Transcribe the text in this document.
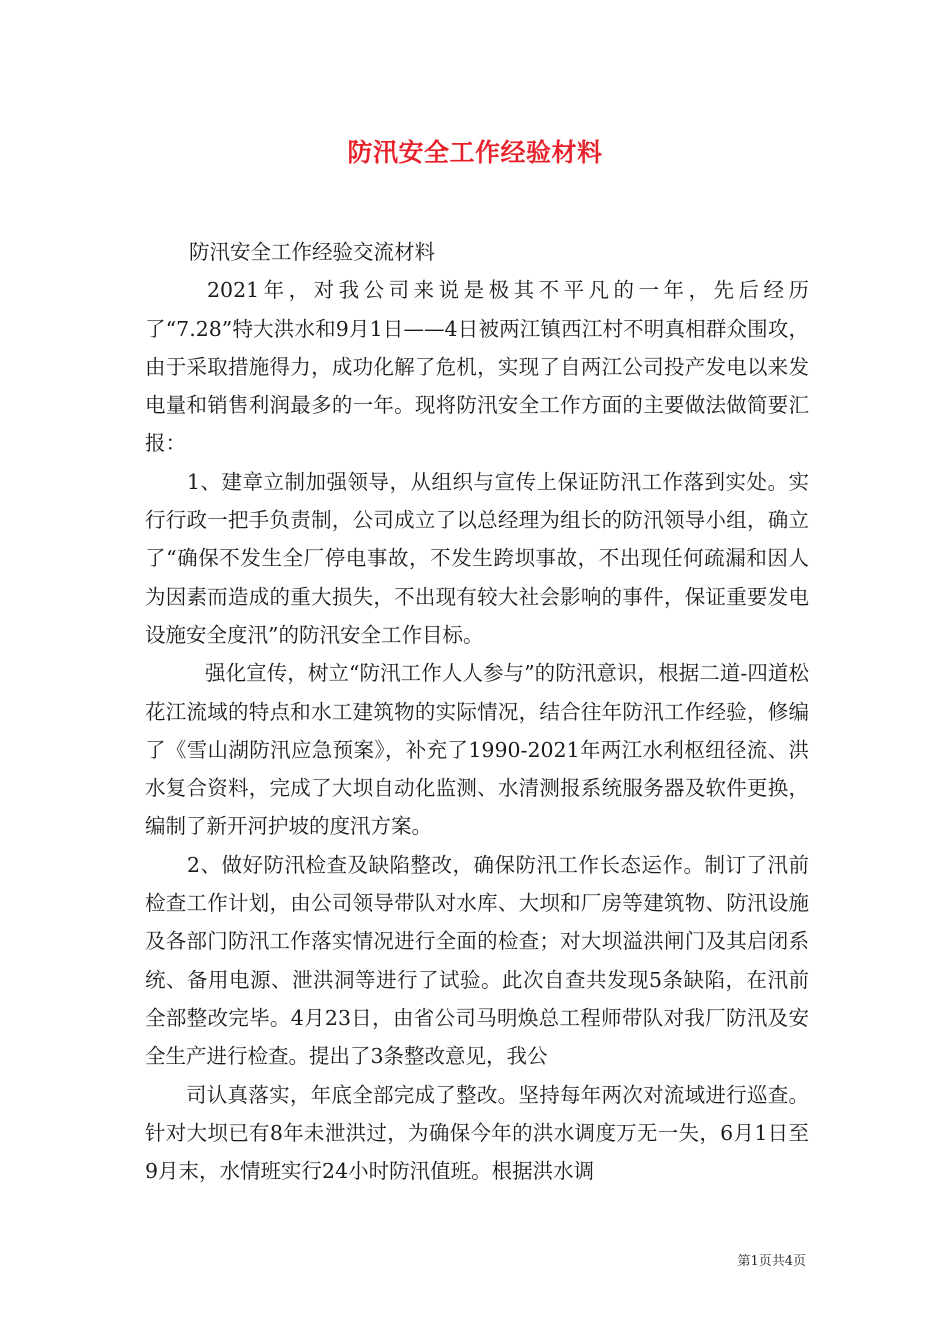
防汛安全工作经验材料

防汛安全工作经验交流材料

2021年，对我公司来说是极其不平凡的一年，先后经历了“7.28”特大洪水和9月1日——4日被两江镇西江村不明真相群众围攻，由于采取措施得力，成功化解了危机，实现了自两江公司投产发电以来发电量和销售利润最多的一年。现将防汛安全工作方面的主要做法做简要汇报：

1、建章立制加强领导，从组织与宣传上保证防汛工作落到实处。实行行政一把手负责制，公司成立了以总经理为组长的防汛领导小组，确立了“确保不发生全厂停电事故，不发生跨坝事故，不出现任何疏漏和因人为因素而造成的重大损失，不出现有较大社会影响的事件，保证重要发电设施安全度汛”的防汛安全工作目标。

强化宣传，树立“防汛工作人人参与”的防汛意识，根据二道-四道松花江流域的特点和水工建筑物的实际情况，结合往年防汛工作经验，修编了《雪山湖防汛应急预案》，补充了1990-2021年两江水利枢纽径流、洪水复合资料，完成了大坝自动化监测、水清测报系统服务器及软件更换，编制了新开河护坡的度汛方案。

2、做好防汛检查及缺陷整改，确保防汛工作长态运作。制订了汛前检查工作计划，由公司领导带队对水库、大坝和厂房等建筑物、防汛设施及各部门防汛工作落实情况进行全面的检查；对大坝溢洪闸门及其启闭系统、备用电源、泄洪洞等进行了试验。此次自查共发现5条缺陷，在汛前全部整改完毕。4月23日，由省公司马明焕总工程师带队对我厂防汛及安全生产进行检查。提出了3条整改意见，我公

司认真落实，年底全部完成了整改。坚持每年两次对流域进行巡查。针对大坝已有8年未泄洪过，为确保今年的洪水调度万无一失，6月1日至9月末，水情班实行24小时防汛值班。根据洪水调

第1页共4页
